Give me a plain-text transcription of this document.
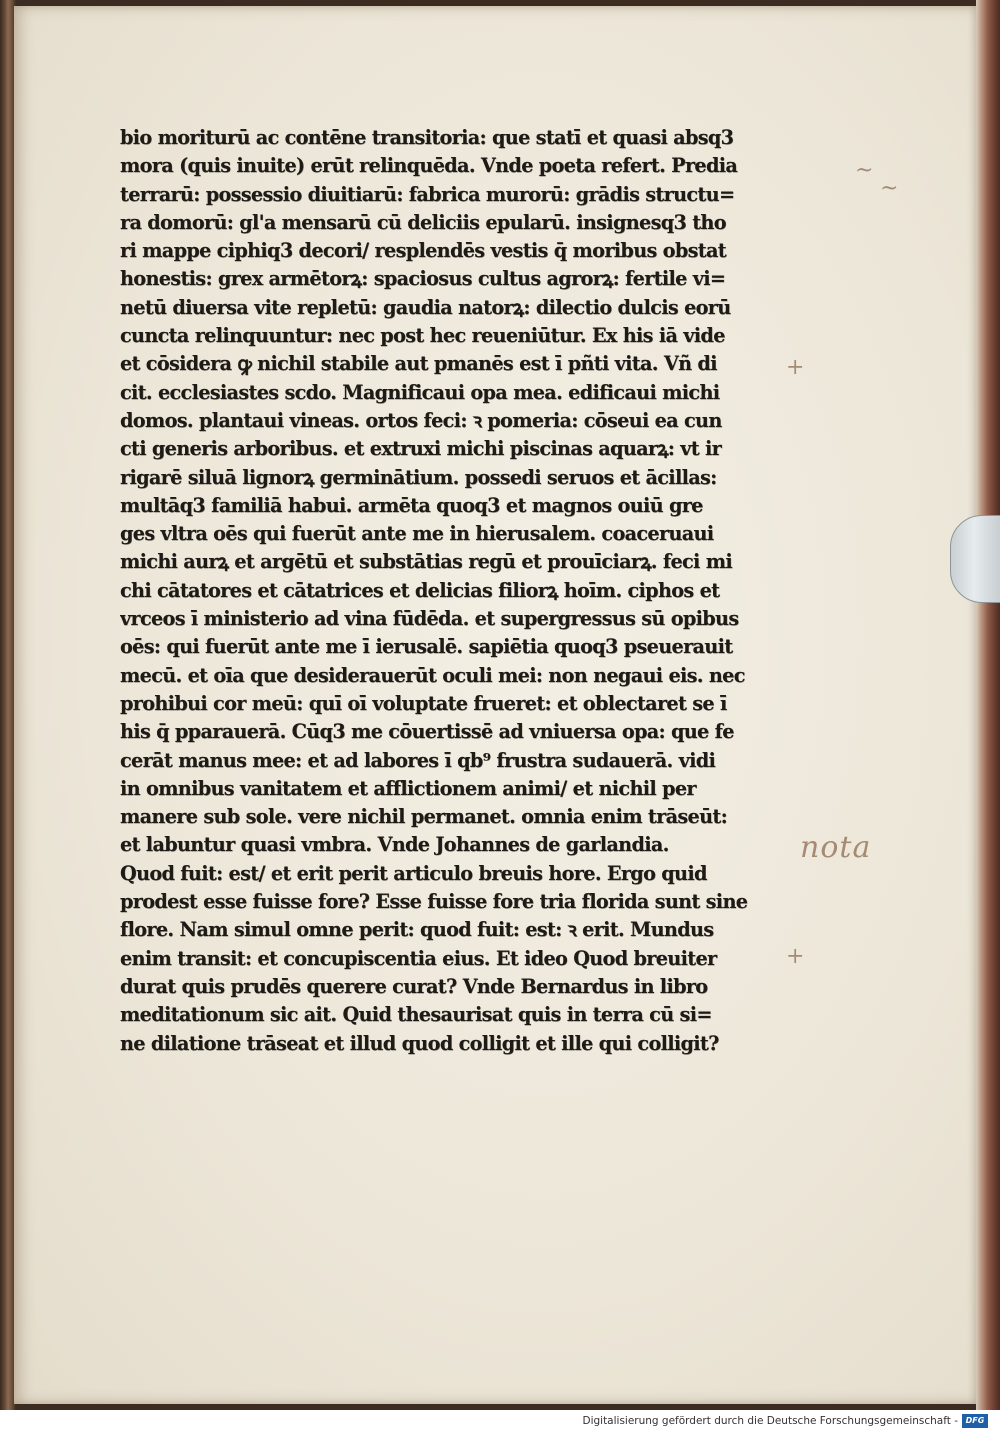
bio moriturū ac contēne transitoria: que statī et quasi absq3
mora (quis inuite) erūt relinquēda. Vnde poeta refert. Predia
terrarū: possessio diuitiarū: fabrica murorū: grādis structu=
ra domorū: gl'a mensarū cū deliciis epularū. insignesq3 tho
ri mappe ciphiq3 decori/ resplendēs vestis q̄ moribus obstat
honestis: grex armētorꝝ: spaciosus cultus agrorꝝ: fertile vi=
netū diuersa vite repletū: gaudia natorꝝ: dilectio dulcis eorū
cuncta relinquuntur: nec post hec reueniūtur. Ex his iā vide
et cōsidera ꝙ nichil stabile aut pmanēs est ī pñti vita. Vñ di
cit. ecclesiastes scdo. Magnificaui opa mea. edificaui michi
domos. plantaui vineas. ortos feci: ꝛ pomeria: cōseui ea cun
cti generis arboribus. et extruxi michi piscinas aquarꝝ: vt ir
rigarē siluā lignorꝝ germinātium. possedi seruos et ācillas:
multāq3 familiā habui. armēta quoq3 et magnos ouiū gre
ges vltra oēs qui fuerūt ante me in hierusalem. coaceruaui
michi aurꝝ et argētū et substātias regū et prouīciarꝝ. feci mi
chi cātatores et cātatrices et delicias filiorꝝ hoīm. ciphos et
vrceos ī ministerio ad vina fūdēda. et supergressus sū opibus
oēs: qui fuerūt ante me ī ierusalē. sapiētia quoq3 pseuerauit
mecū. et oīa que desiderauerūt oculi mei: non negaui eis. nec
prohibui cor meū: quī oī voluptate frueret: et oblectaret se ī
his q̄ pparauerā. Cūq3 me cōuertissē ad vniuersa opa: que fe
cerāt manus mee: et ad labores ī qb⁹ frustra sudauerā. vidi
in omnibus vanitatem et afflictionem animi/ et nichil per
manere sub sole. vere nichil permanet. omnia enim trāseūt:
et labuntur quasi vmbra. Vnde Johannes de garlandia.
Quod fuit: est/ et erit perit articulo breuis hore. Ergo quid
prodest esse fuisse fore? Esse fuisse fore tria florida sunt sine
flore. Nam simul omne perit: quod fuit: est: ꝛ erit. Mundus
enim transit: et concupiscentia eius. Et ideo Quod breuiter
durat quis prudēs querere curat? Vnde Bernardus in libro
meditationum sic ait. Quid thesaurisat quis in terra cū si=
ne dilatione trāseat et illud quod colligit et ille qui colligit?
~
~
+
nota
+
Digitalisierung gefördert durch die Deutsche Forschungsgemeinschaft - DFG
